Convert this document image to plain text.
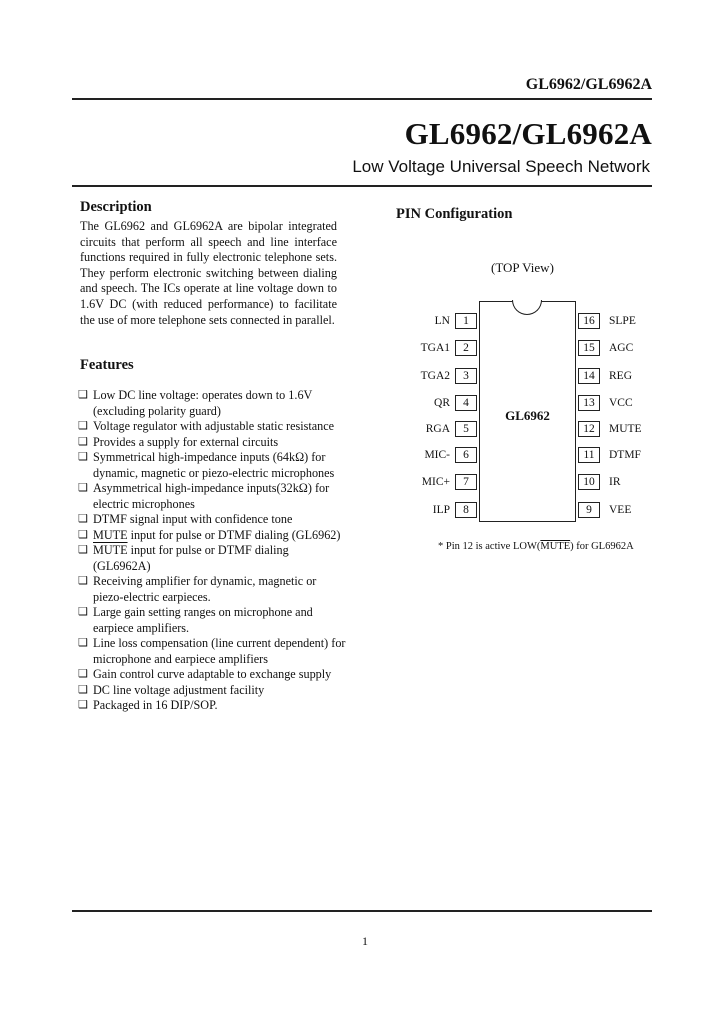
GL6962/GL6962A
GL6962/GL6962A
Low Voltage Universal Speech Network
Description
The GL6962 and GL6962A are bipolar integrated circuits that perform all speech and line interface functions required in fully electronic telephone sets. They perform electronic switching between dialing and speech. The ICs operate at line voltage down to 1.6V DC (with reduced performance) to facilitate the use of more telephone sets connected in parallel.
Features
❑ Low DC line voltage: operates down to 1.6V (excluding polarity guard)
❑ Voltage regulator with adjustable static resistance
❑ Provides a supply for external circuits
❑ Symmetrical high-impedance inputs (64kΩ) for dynamic, magnetic or piezo-electric microphones
❑ Asymmetrical high-impedance inputs(32kΩ) for electric microphones
❑ DTMF signal input with confidence tone
❑ MUTE input for pulse or DTMF dialing (GL6962)
❑ MUTE input for pulse or DTMF dialing (GL6962A)
❑ Receiving amplifier for dynamic, magnetic or piezo-electric earpieces.
❑ Large gain setting ranges on microphone and earpiece amplifiers.
❑ Line loss compensation (line current dependent) for microphone and earpiece amplifiers
❑ Gain control curve adaptable to exchange supply
❑ DC line voltage adjustment facility
❑ Packaged in 16 DIP/SOP.
PIN Configuration
(TOP View)
GL6962
LN	1
TGA1	2
TGA2	3
QR	4
RGA	5
MIC-	6
MIC+	7
ILP	8
16	SLPE
15	AGC
14	REG
13	VCC
12	MUTE
11	DTMF
10	IR
9	VEE
* Pin 12 is active LOW(MUTE) for GL6962A
1
